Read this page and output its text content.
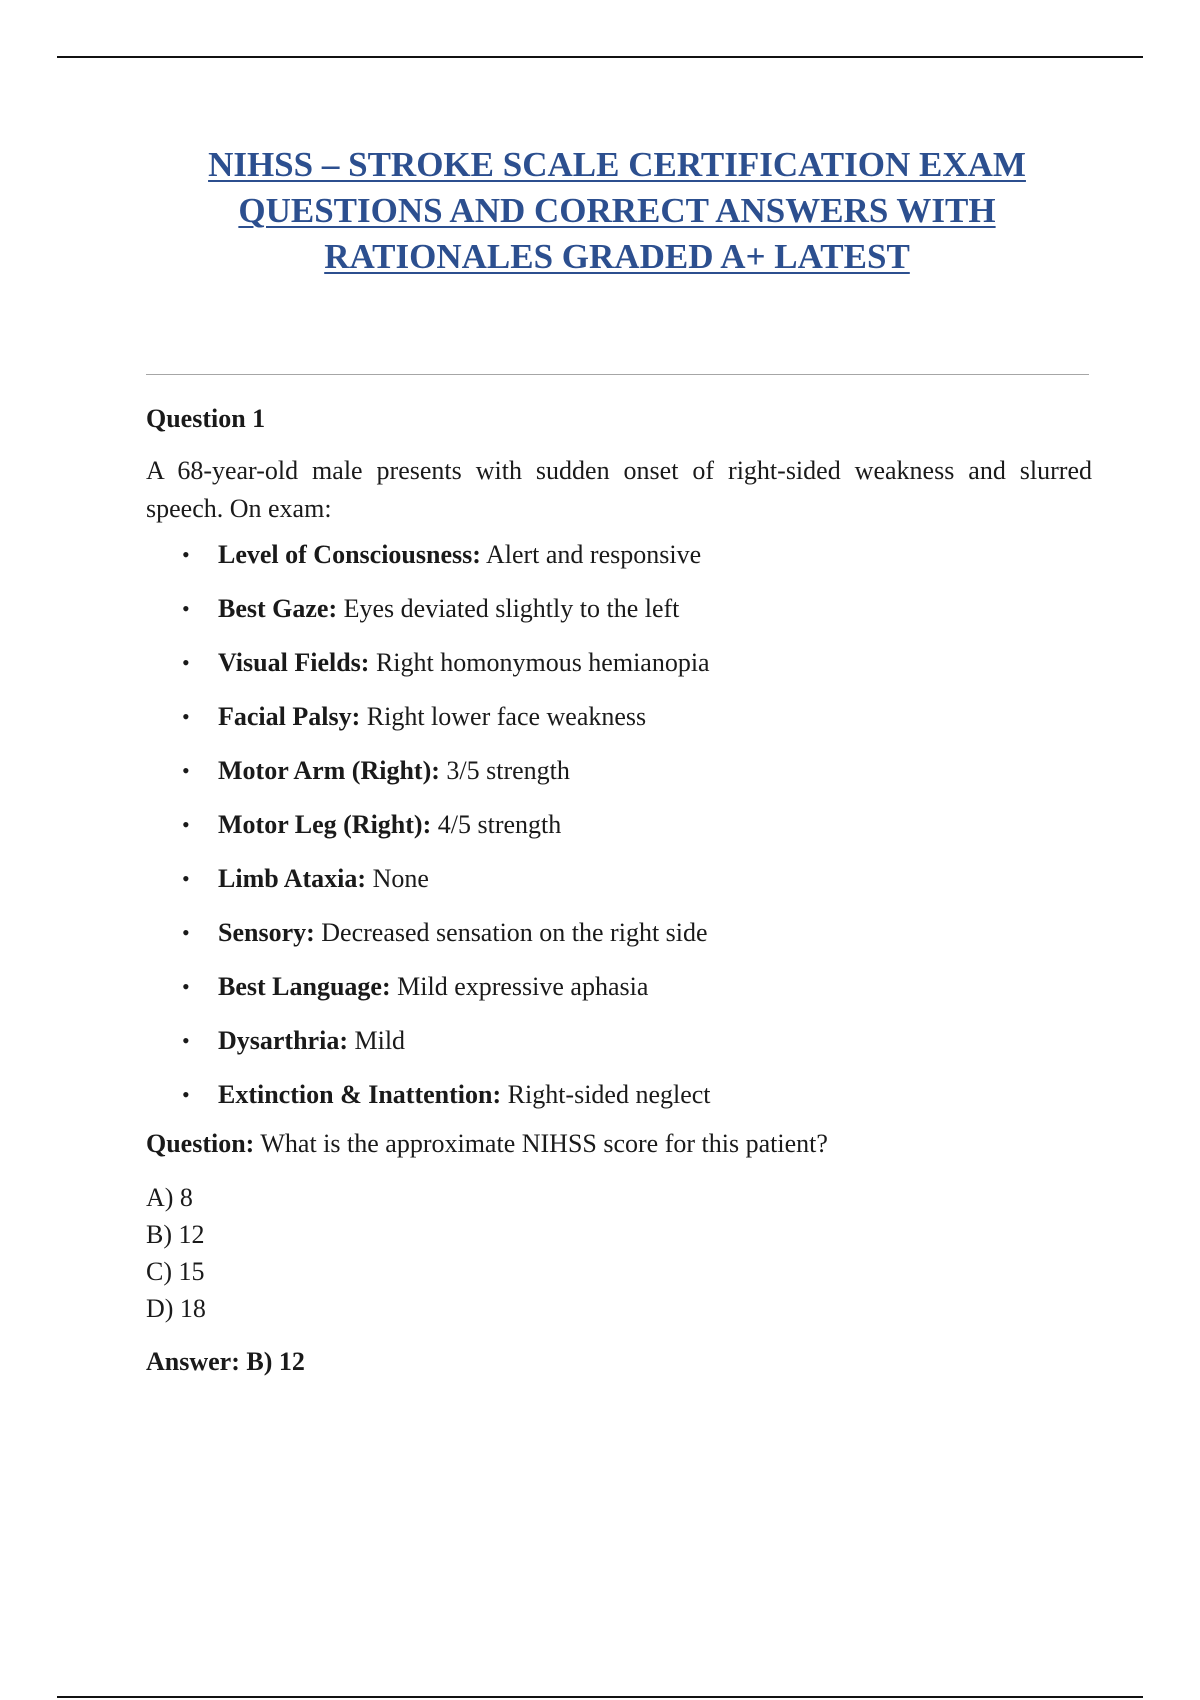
NIHSS – STROKE SCALE CERTIFICATION EXAM
QUESTIONS AND CORRECT ANSWERS WITH
RATIONALES GRADED A+ LATEST

Question 1

A 68-year-old male presents with sudden onset of right-sided weakness and slurred speech. On exam:

• Level of Consciousness: Alert and responsive
• Best Gaze: Eyes deviated slightly to the left
• Visual Fields: Right homonymous hemianopia
• Facial Palsy: Right lower face weakness
• Motor Arm (Right): 3/5 strength
• Motor Leg (Right): 4/5 strength
• Limb Ataxia: None
• Sensory: Decreased sensation on the right side
• Best Language: Mild expressive aphasia
• Dysarthria: Mild
• Extinction & Inattention: Right-sided neglect

Question: What is the approximate NIHSS score for this patient?

A) 8
B) 12
C) 15
D) 18

Answer: B) 12
